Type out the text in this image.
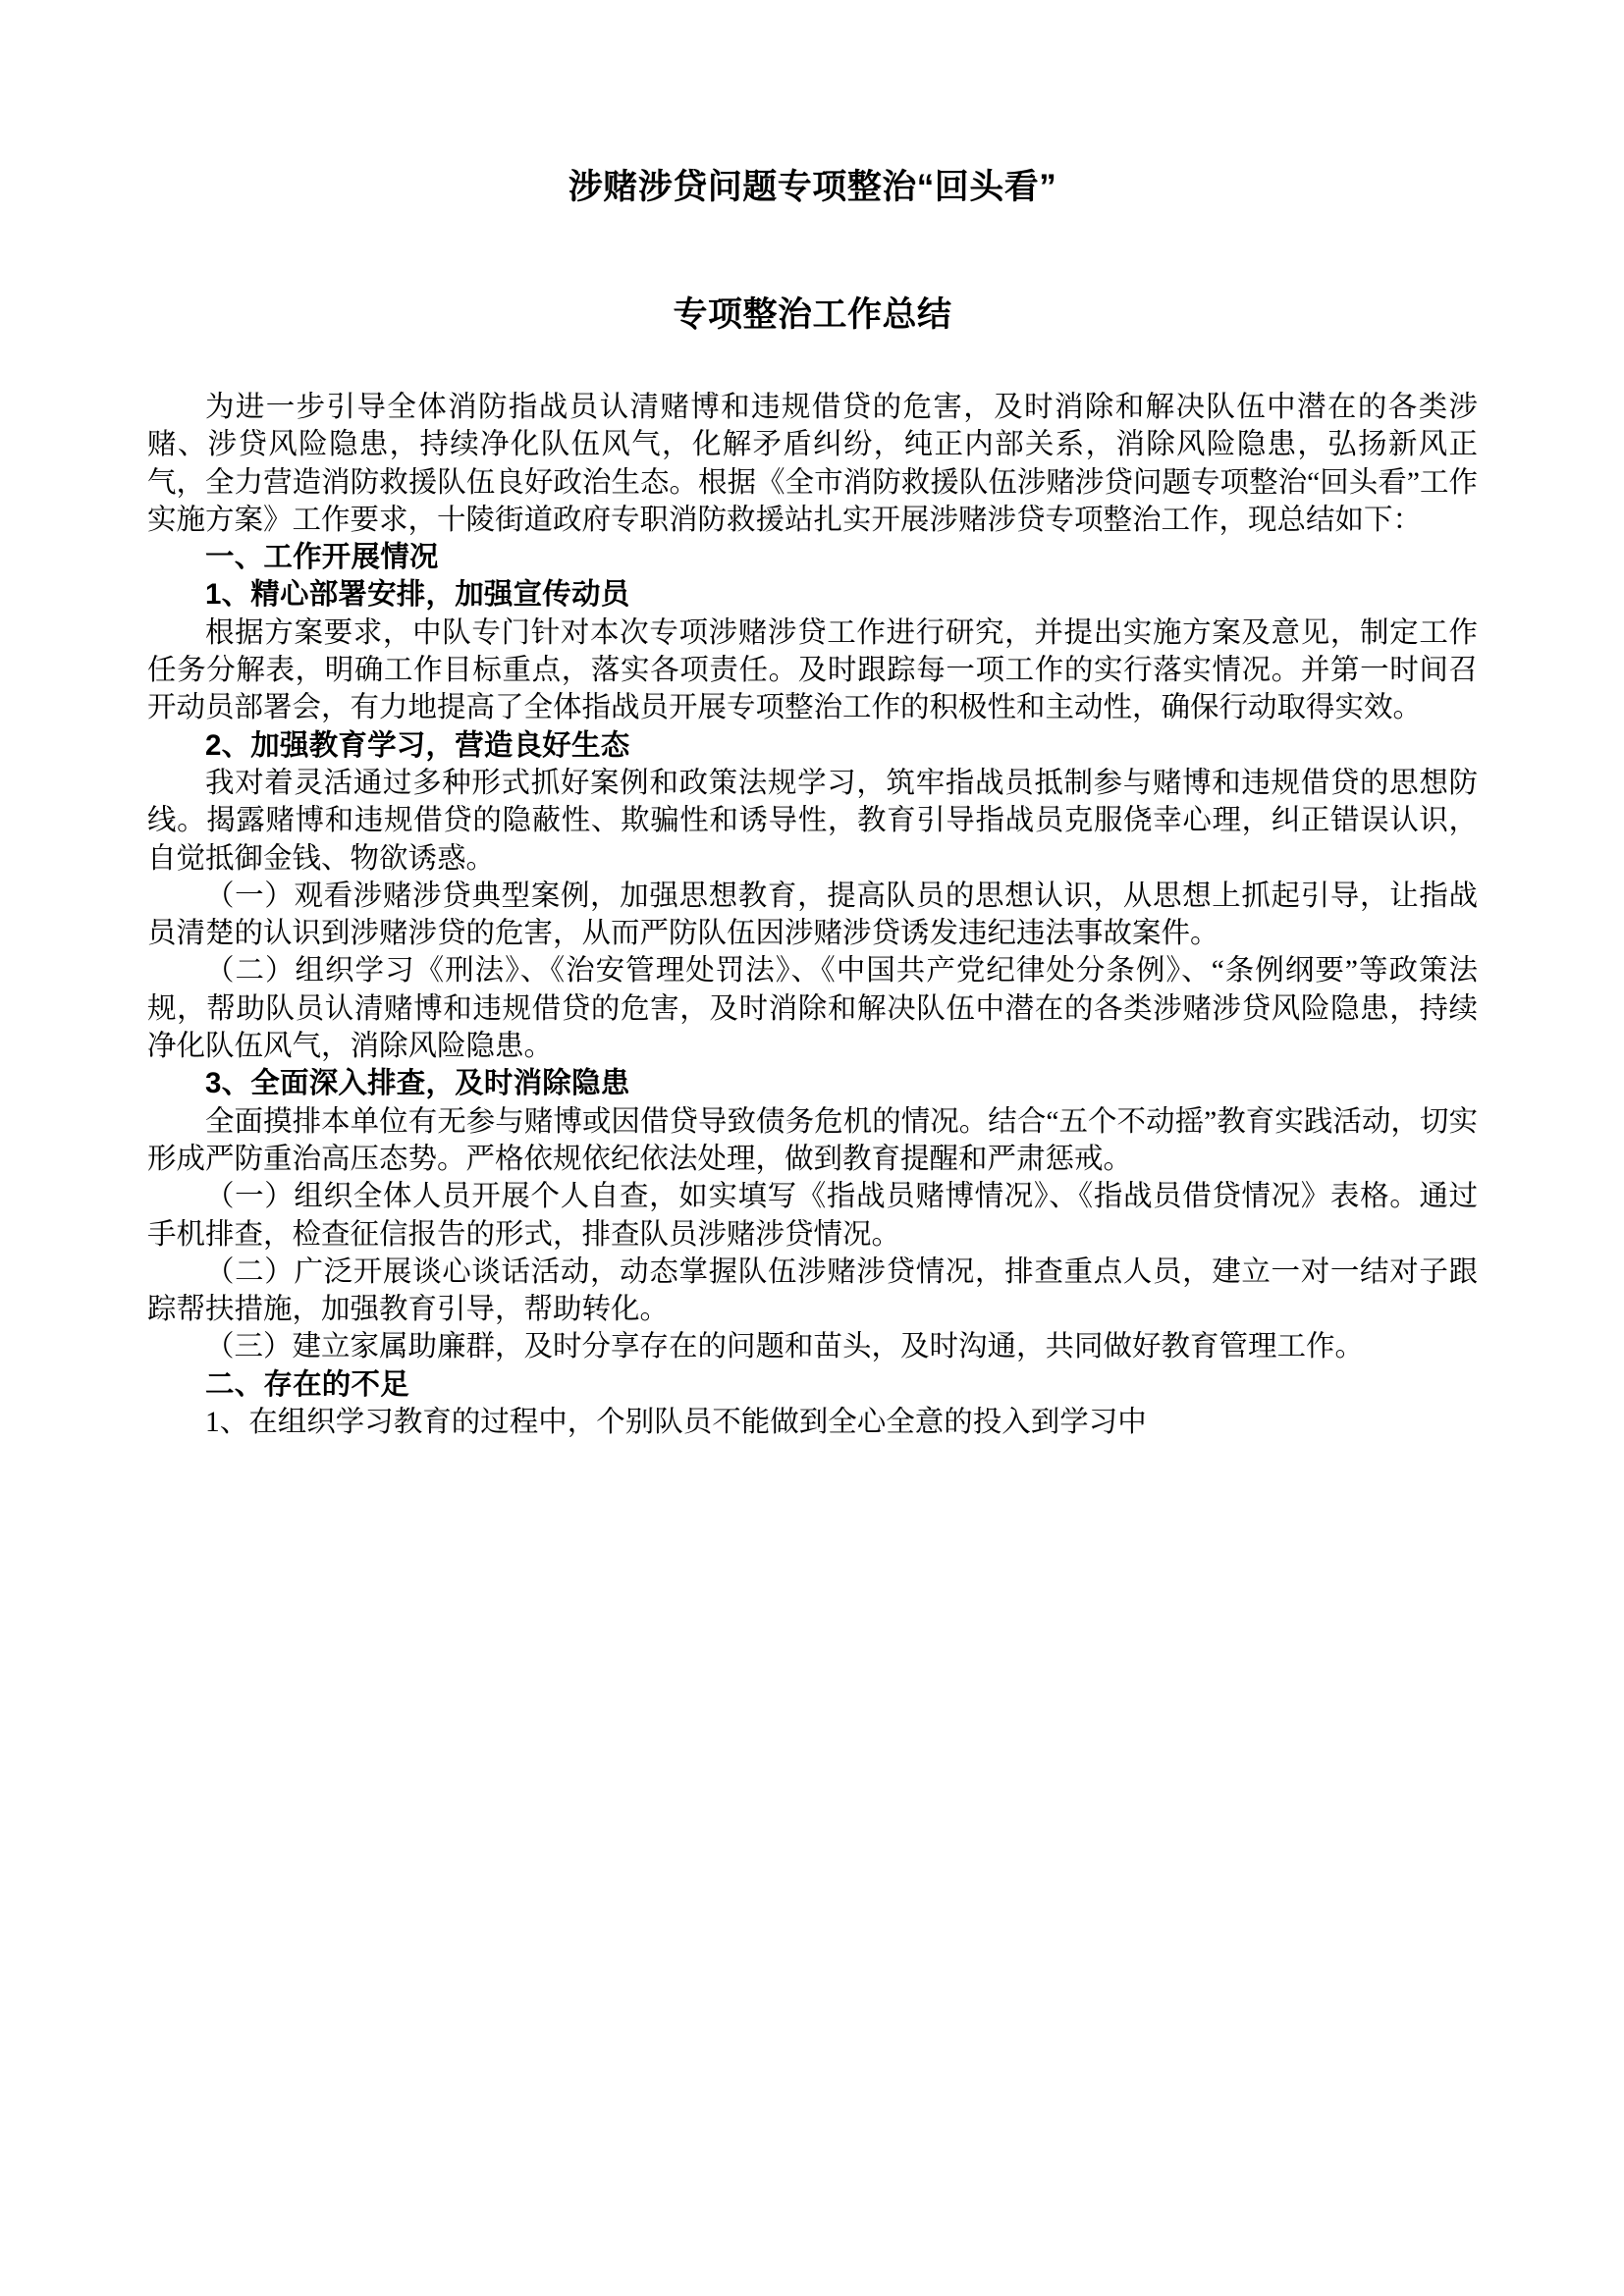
涉赌涉贷问题专项整治“回头看”
专项整治工作总结

为进一步引导全体消防指战员认清赌博和违规借贷的危害，及时消除和解决队伍中潜在的各类涉赌、涉贷风险隐患，持续净化队伍风气，化解矛盾纠纷，纯正内部关系，消除风险隐患，弘扬新风正气，全力营造消防救援队伍良好政治生态。根据《全市消防救援队伍涉赌涉贷问题专项整治“回头看”工作实施方案》工作要求，十陵街道政府专职消防救援站扎实开展涉赌涉贷专项整治工作，现总结如下：

一、工作开展情况

1、精心部署安排，加强宣传动员

根据方案要求，中队专门针对本次专项涉赌涉贷工作进行研究，并提出实施方案及意见，制定工作任务分解表，明确工作目标重点，落实各项责任。及时跟踪每一项工作的实行落实情况。并第一时间召开动员部署会，有力地提高了全体指战员开展专项整治工作的积极性和主动性，确保行动取得实效。

2、加强教育学习，营造良好生态

我对着灵活通过多种形式抓好案例和政策法规学习，筑牢指战员抵制参与赌博和违规借贷的思想防线。揭露赌博和违规借贷的隐蔽性、欺骗性和诱导性，教育引导指战员克服侥幸心理，纠正错误认识，自觉抵御金钱、物欲诱惑。

（一）观看涉赌涉贷典型案例，加强思想教育，提高队员的思想认识，从思想上抓起引导，让指战员清楚的认识到涉赌涉贷的危害，从而严防队伍因涉赌涉贷诱发违纪违法事故案件。

（二）组织学习《刑法》、《治安管理处罚法》、《中国共产党纪律处分条例》、“条例纲要”等政策法规，帮助队员认清赌博和违规借贷的危害，及时消除和解决队伍中潜在的各类涉赌涉贷风险隐患，持续净化队伍风气，消除风险隐患。

3、全面深入排查，及时消除隐患

全面摸排本单位有无参与赌博或因借贷导致债务危机的情况。结合“五个不动摇”教育实践活动，切实形成严防重治高压态势。严格依规依纪依法处理，做到教育提醒和严肃惩戒。

（一）组织全体人员开展个人自查，如实填写《指战员赌博情况》、《指战员借贷情况》表格。通过手机排查，检查征信报告的形式，排查队员涉赌涉贷情况。

（二）广泛开展谈心谈话活动，动态掌握队伍涉赌涉贷情况，排查重点人员，建立一对一结对子跟踪帮扶措施，加强教育引导，帮助转化。

（三）建立家属助廉群，及时分享存在的问题和苗头，及时沟通，共同做好教育管理工作。

二、存在的不足

1、在组织学习教育的过程中，个别队员不能做到全心全意的投入到学习中
